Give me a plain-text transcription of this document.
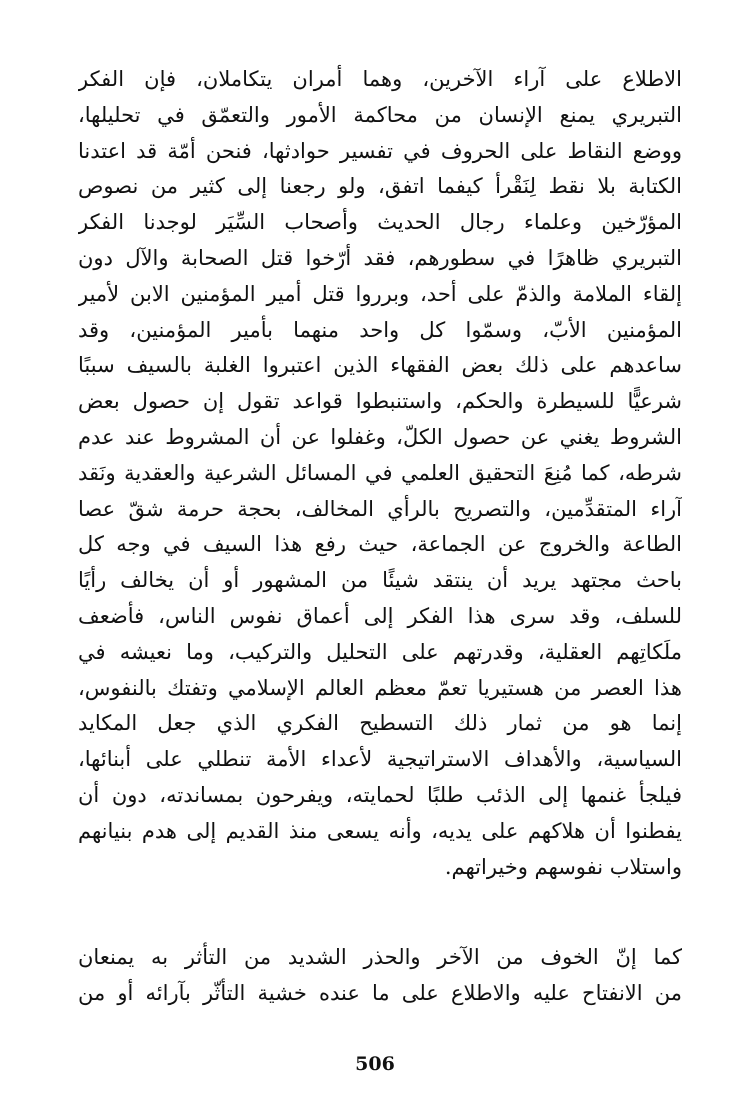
الاطلاع على آراء الآخرين، وهما أمران يتكاملان، فإن الفكر
التبريري يمنع الإنسان من محاكمة الأمور والتعمّق في تحليلها،
ووضع النقاط على الحروف في تفسير حوادثها، فنحن أمّة قد اعتدنا
الكتابة بلا نقط لِنَقْرأ كيفما اتفق، ولو رجعنا إلى كثير من نصوص
المؤرّخين وعلماء رجال الحديث وأصحاب السِّيَر لوجدنا الفكر
التبريري ظاهرًا في سطورهم، فقد أرّخوا قتل الصحابة والآل دون
إلقاء الملامة والذمّ على أحد، وبرروا قتل أمير المؤمنين الابن لأمير
المؤمنين الأبّ، وسمّوا كل واحد منهما بأمير المؤمنين، وقد
ساعدهم على ذلك بعض الفقهاء الذين اعتبروا الغلبة بالسيف سببًا
شرعيًّا للسيطرة والحكم، واستنبطوا قواعد تقول إن حصول بعض
الشروط يغني عن حصول الكلّ، وغفلوا عن أن المشروط عند عدم
شرطه، كما مُنِعَ التحقيق العلمي في المسائل الشرعية والعقدية ونَقد
آراء المتقدِّمين، والتصريح بالرأي المخالف، بحجة حرمة شقّ عصا
الطاعة والخروج عن الجماعة، حيث رفع هذا السيف في وجه كل
باحث مجتهد يريد أن ينتقد شيئًا من المشهور أو أن يخالف رأيًا
للسلف، وقد سرى هذا الفكر إلى أعماق نفوس الناس، فأضعف
ملَكاتِهم العقلية، وقدرتهم على التحليل والتركيب، وما نعيشه في
هذا العصر من هستيريا تعمّ معظم العالم الإسلامي وتفتك بالنفوس،
إنما هو من ثمار ذلك التسطيح الفكري الذي جعل المكايد
السياسية، والأهداف الاستراتيجية لأعداء الأمة تنطلي على أبنائها،
فيلجأ غنمها إلى الذئب طلبًا لحمايته، ويفرحون بمساندته، دون أن
يفطنوا أن هلاكهم على يديه، وأنه يسعى منذ القديم إلى هدم بنيانهم
واستلاب نفوسهم وخيراتهم.
كما إنّ الخوف من الآخر والحذر الشديد من التأثر به يمنعان
من الانفتاح عليه والاطلاع على ما عنده خشية التأثّر بآرائه أو من
506
